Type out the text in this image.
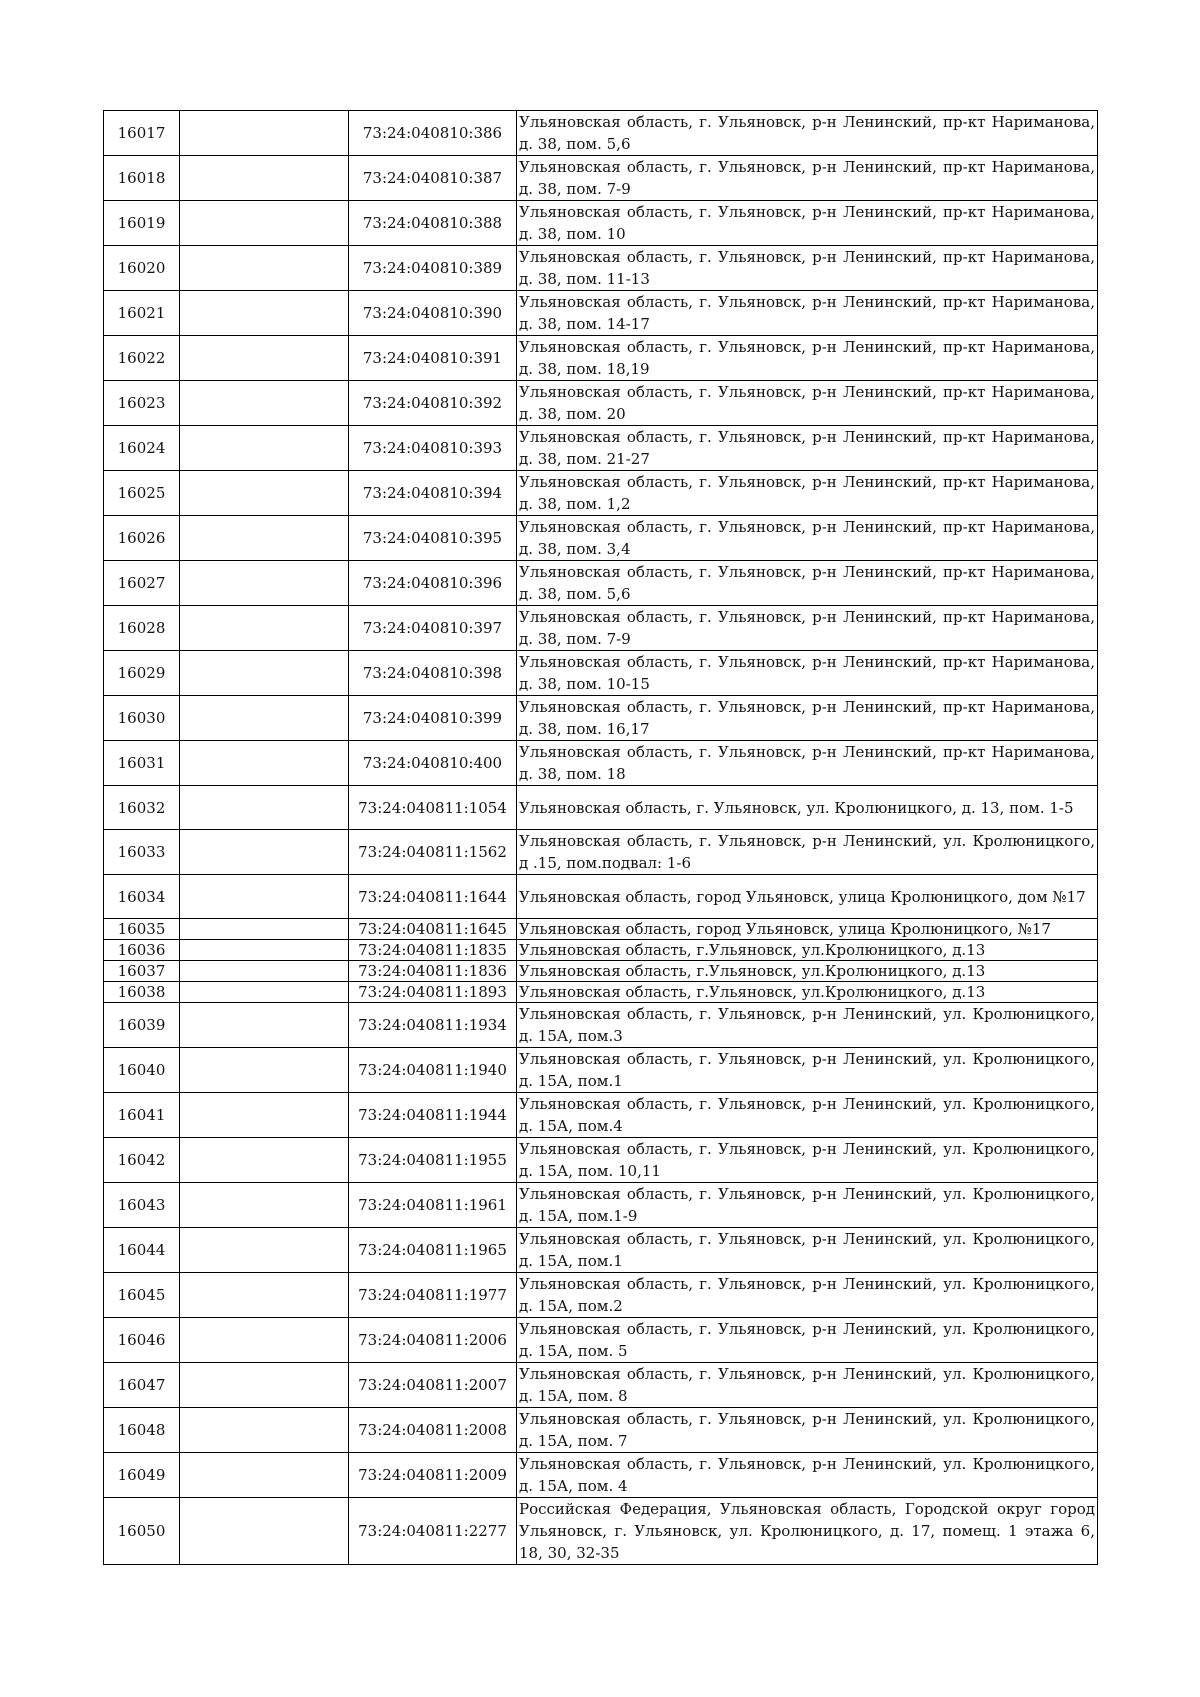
16017		73:24:040810:386	Ульяновская область, г. Ульяновск, р-н Ленинский, пр-кт Нариманова, д. 38, пом. 5,6
16018		73:24:040810:387	Ульяновская область, г. Ульяновск, р-н Ленинский, пр-кт Нариманова, д. 38, пом. 7-9
16019		73:24:040810:388	Ульяновская область, г. Ульяновск, р-н Ленинский, пр-кт Нариманова, д. 38, пом. 10
16020		73:24:040810:389	Ульяновская область, г. Ульяновск, р-н Ленинский, пр-кт Нариманова, д. 38, пом. 11-13
16021		73:24:040810:390	Ульяновская область, г. Ульяновск, р-н Ленинский, пр-кт Нариманова, д. 38, пом. 14-17
16022		73:24:040810:391	Ульяновская область, г. Ульяновск, р-н Ленинский, пр-кт Нариманова, д. 38, пом. 18,19
16023		73:24:040810:392	Ульяновская область, г. Ульяновск, р-н Ленинский, пр-кт Нариманова, д. 38, пом. 20
16024		73:24:040810:393	Ульяновская область, г. Ульяновск, р-н Ленинский, пр-кт Нариманова, д. 38, пом. 21-27
16025		73:24:040810:394	Ульяновская область, г. Ульяновск, р-н Ленинский, пр-кт Нариманова, д. 38, пом. 1,2
16026		73:24:040810:395	Ульяновская область, г. Ульяновск, р-н Ленинский, пр-кт Нариманова, д. 38, пом. 3,4
16027		73:24:040810:396	Ульяновская область, г. Ульяновск, р-н Ленинский, пр-кт Нариманова, д. 38, пом. 5,6
16028		73:24:040810:397	Ульяновская область, г. Ульяновск, р-н Ленинский, пр-кт Нариманова, д. 38, пом. 7-9
16029		73:24:040810:398	Ульяновская область, г. Ульяновск, р-н Ленинский, пр-кт Нариманова, д. 38, пом. 10-15
16030		73:24:040810:399	Ульяновская область, г. Ульяновск, р-н Ленинский, пр-кт Нариманова, д. 38, пом. 16,17
16031		73:24:040810:400	Ульяновская область, г. Ульяновск, р-н Ленинский, пр-кт Нариманова, д. 38, пом. 18
16032		73:24:040811:1054	Ульяновская область, г. Ульяновск, ул. Кролюницкого, д. 13, пом. 1-5
16033		73:24:040811:1562	Ульяновская область, г. Ульяновск, р-н Ленинский, ул. Кролюницкого, д .15, пом.подвал: 1-6
16034		73:24:040811:1644	Ульяновская область, город Ульяновск, улица Кролюницкого, дом №17
16035		73:24:040811:1645	Ульяновская область, город Ульяновск, улица Кролюницкого, №17
16036		73:24:040811:1835	Ульяновская область, г.Ульяновск, ул.Кролюницкого, д.13
16037		73:24:040811:1836	Ульяновская область, г.Ульяновск, ул.Кролюницкого, д.13
16038		73:24:040811:1893	Ульяновская область, г.Ульяновск, ул.Кролюницкого, д.13
16039		73:24:040811:1934	Ульяновская область, г. Ульяновск, р-н Ленинский, ул. Кролюницкого, д. 15А, пом.3
16040		73:24:040811:1940	Ульяновская область, г. Ульяновск, р-н Ленинский, ул. Кролюницкого, д. 15А, пом.1
16041		73:24:040811:1944	Ульяновская область, г. Ульяновск, р-н Ленинский, ул. Кролюницкого, д. 15А, пом.4
16042		73:24:040811:1955	Ульяновская область, г. Ульяновск, р-н Ленинский, ул. Кролюницкого, д. 15А, пом. 10,11
16043		73:24:040811:1961	Ульяновская область, г. Ульяновск, р-н Ленинский, ул. Кролюницкого, д. 15А, пом.1-9
16044		73:24:040811:1965	Ульяновская область, г. Ульяновск, р-н Ленинский, ул. Кролюницкого, д. 15А, пом.1
16045		73:24:040811:1977	Ульяновская область, г. Ульяновск, р-н Ленинский, ул. Кролюницкого, д. 15А, пом.2
16046		73:24:040811:2006	Ульяновская область, г. Ульяновск, р-н Ленинский, ул. Кролюницкого, д. 15А, пом. 5
16047		73:24:040811:2007	Ульяновская область, г. Ульяновск, р-н Ленинский, ул. Кролюницкого, д. 15А, пом. 8
16048		73:24:040811:2008	Ульяновская область, г. Ульяновск, р-н Ленинский, ул. Кролюницкого, д. 15А, пом. 7
16049		73:24:040811:2009	Ульяновская область, г. Ульяновск, р-н Ленинский, ул. Кролюницкого, д. 15А, пом. 4
16050		73:24:040811:2277	Российская Федерация, Ульяновская область, Городской округ город Ульяновск, г. Ульяновск, ул. Кролюницкого, д. 17, помещ. 1 этажа 6, 18, 30, 32-35
